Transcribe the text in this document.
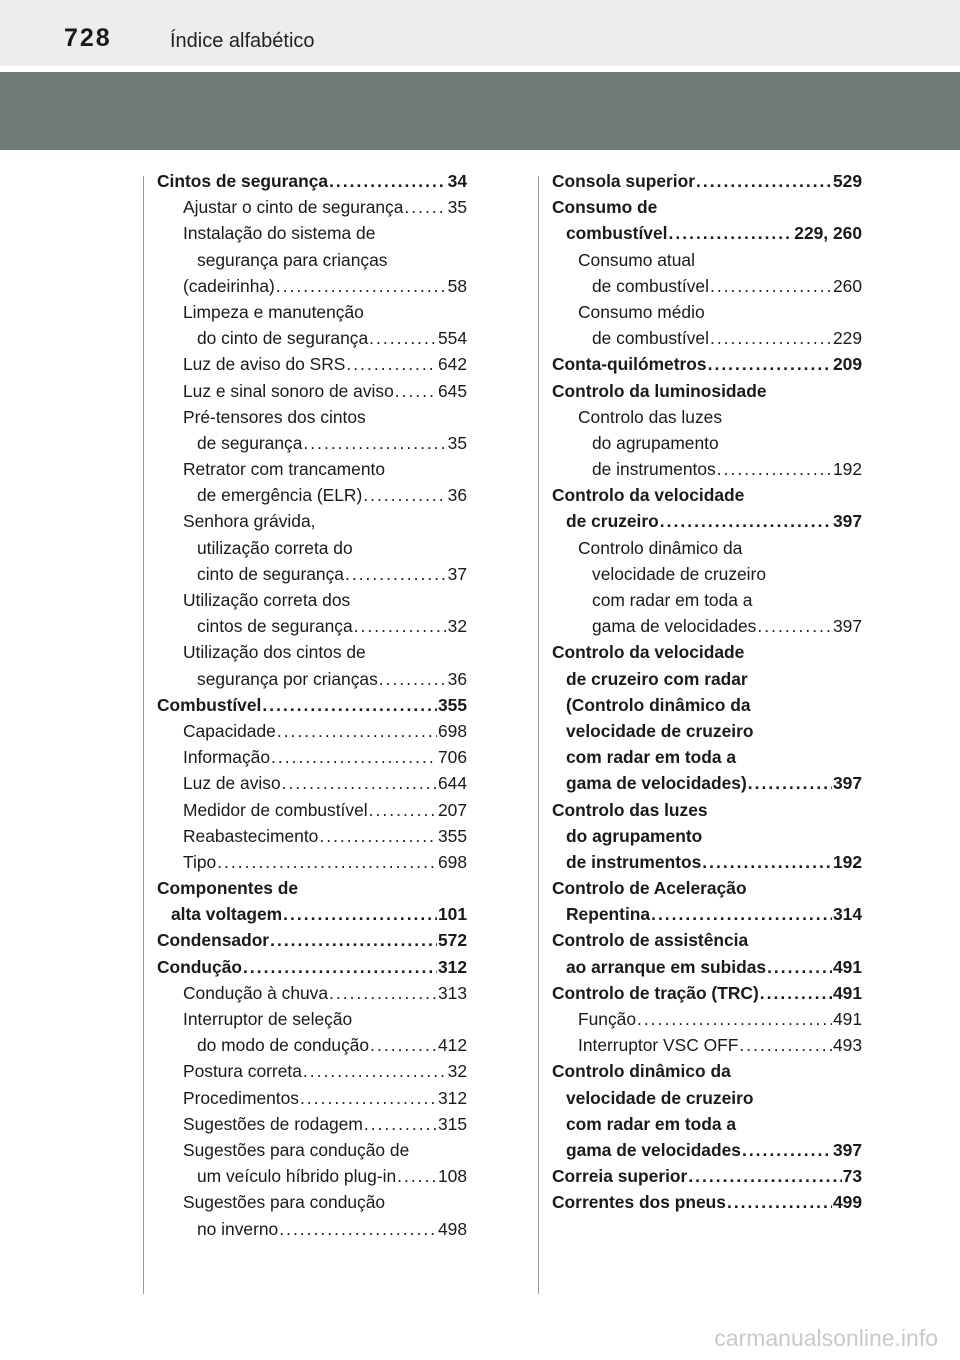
728	Índice alfabético
Cintos de segurança . . .	34
Ajustar o cinto de segurança . . .	35
Instalação do sistema de
segurança para crianças
(cadeirinha) . . .	58
Limpeza e manutenção
do cinto de segurança . . .	554
Luz de aviso do SRS . . .	642
Luz e sinal sonoro de aviso . . .	645
Pré-tensores dos cintos
de segurança . . .	35
Retrator com trancamento
de emergência (ELR) . . .	36
Senhora grávida,
utilização correta do
cinto de segurança . . .	37
Utilização correta dos
cintos de segurança . . .	32
Utilização dos cintos de
segurança por crianças . . .	36
Combustível . . .	355
Capacidade . . .	698
Informação . . .	706
Luz de aviso . . .	644
Medidor de combustível . . .	207
Reabastecimento . . .	355
Tipo . . .	698
Componentes de
alta voltagem . . .	101
Condensador . . .	572
Condução . . .	312
Condução à chuva . . .	313
Interruptor de seleção
do modo de condução . . .	412
Postura correta . . .	32
Procedimentos . . .	312
Sugestões de rodagem . . .	315
Sugestões para condução de
um veículo híbrido plug-in . . . 108
Sugestões para condução
no inverno . . .	498
Consola superior . . .	529
Consumo de
combustível . . .	229, 260
Consumo atual
de combustível . . .	260
Consumo médio
de combustível . . .	229
Conta-quilómetros . . .	209
Controlo da luminosidade
Controlo das luzes
do agrupamento
de instrumentos . . .	192
Controlo da velocidade
de cruzeiro . . .	397
Controlo dinâmico da
velocidade de cruzeiro
com radar em toda a
gama de velocidades . . .	397
Controlo da velocidade
de cruzeiro com radar
(Controlo dinâmico da
velocidade de cruzeiro
com radar em toda a
gama de velocidades) . . .	397
Controlo das luzes
do agrupamento
de instrumentos . . .	192
Controlo de Aceleração
Repentina . . .	314
Controlo de assistência
ao arranque em subidas . . .	491
Controlo de tração (TRC) . . .	491
Função . . .	491
Interruptor VSC OFF . . .	493
Controlo dinâmico da
velocidade de cruzeiro
com radar em toda a
gama de velocidades . . .	397
Correia superior . . .	73
Correntes dos pneus . . .	499
carmanualsonline.info
